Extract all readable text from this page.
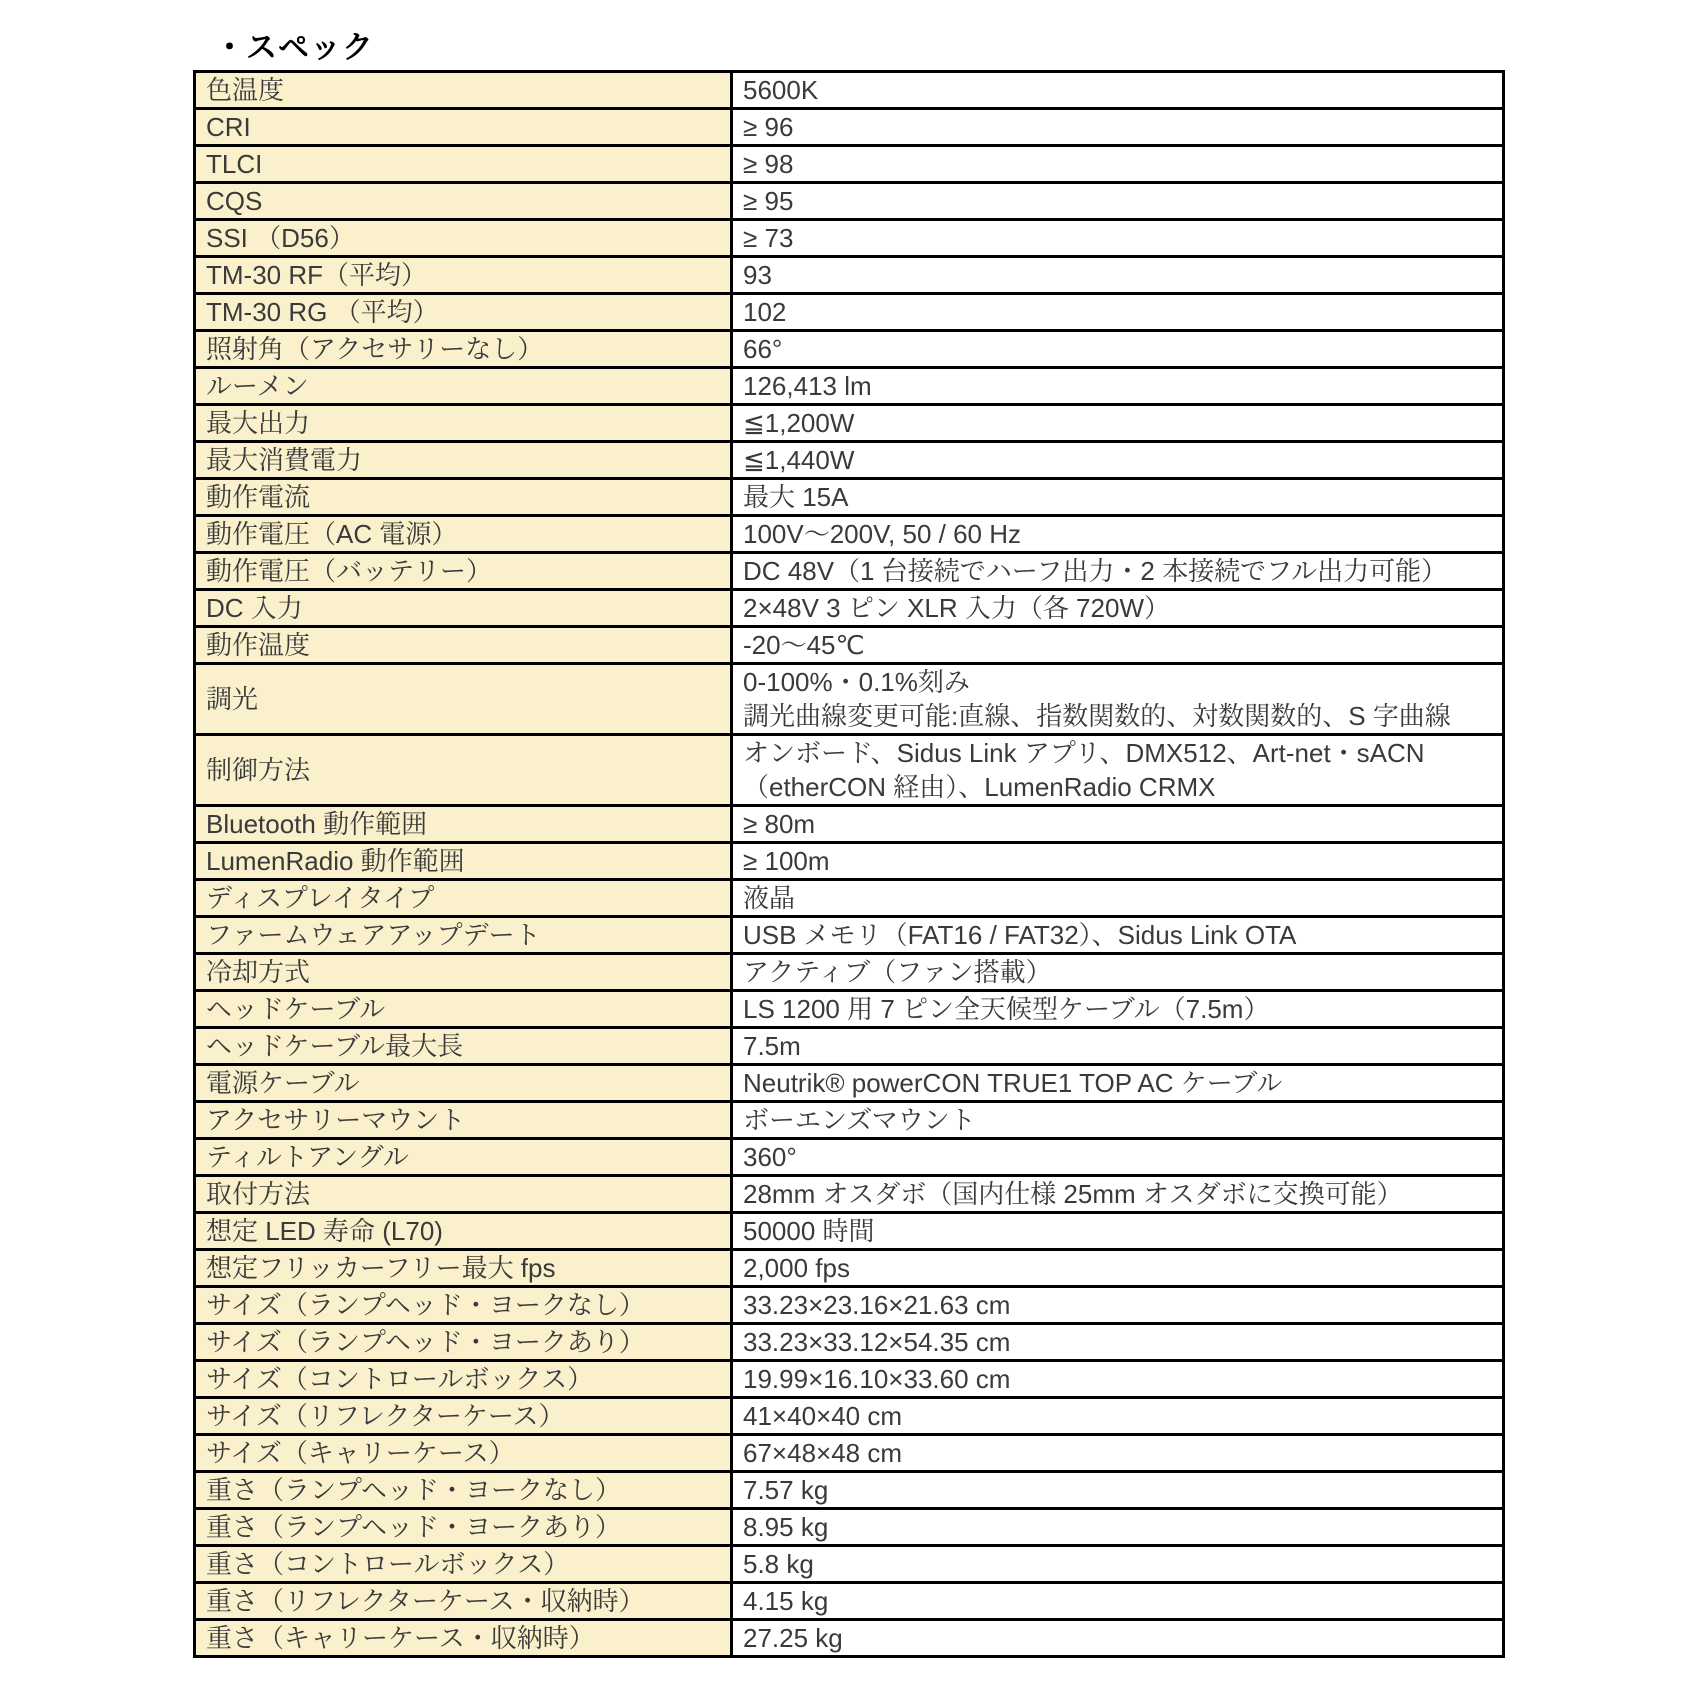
・スペック
色温度	5600K

CRI	≥ 96

TLCI	≥ 98

CQS	≥ 95

SSI （D56）	≥ 73

TM-30 RF（平均）	93

TM-30 RG （平均）	102

照射角（アクセサリーなし）	66°

ルーメン	126,413 lm

最大出力	≦1,200W

最大消費電力	≦1,440W

動作電流	最大 15A

動作電圧（AC 電源）	100V～200V, 50 / 60 Hz

動作電圧（バッテリー）	DC 48V（1 台接続でハーフ出力・2 本接続でフル出力可能）

DC 入力	2×48V 3 ピン XLR 入力（各 720W）

動作温度	-20～45℃

調光	0-100%・0.1%刻み
調光曲線変更可能:直線、指数関数的、対数関数的、S 字曲線

制御方法	オンボード、Sidus Link アプリ、DMX512、Art-net・sACN
（etherCON 経由）、LumenRadio CRMX

Bluetooth 動作範囲	≥ 80m

LumenRadio 動作範囲	≥ 100m

ディスプレイタイプ	液晶

ファームウェアアップデート	USB メモリ（FAT16 / FAT32）、Sidus Link OTA

冷却方式	アクティブ（ファン搭載）

ヘッドケーブル	LS 1200 用 7 ピン全天候型ケーブル（7.5m）

ヘッドケーブル最大長	7.5m

電源ケーブル	Neutrik® powerCON TRUE1 TOP AC ケーブル

アクセサリーマウント	ボーエンズマウント

ティルトアングル	360°

取付方法	28mm オスダボ（国内仕様 25mm オスダボに交換可能）

想定 LED 寿命 (L70)	50000 時間

想定フリッカーフリー最大 fps	2,000 fps

サイズ（ランプヘッド・ヨークなし）	33.23×23.16×21.63 cm

サイズ（ランプヘッド・ヨークあり）	33.23×33.12×54.35 cm

サイズ（コントロールボックス）	19.99×16.10×33.60 cm

サイズ（リフレクターケース）	41×40×40 cm

サイズ（キャリーケース）	67×48×48 cm

重さ（ランプヘッド・ヨークなし）	7.57 kg

重さ（ランプヘッド・ヨークあり）	8.95 kg

重さ（コントロールボックス）	5.8 kg

重さ（リフレクターケース・収納時）	4.15 kg

重さ（キャリーケース・収納時）	27.25 kg
